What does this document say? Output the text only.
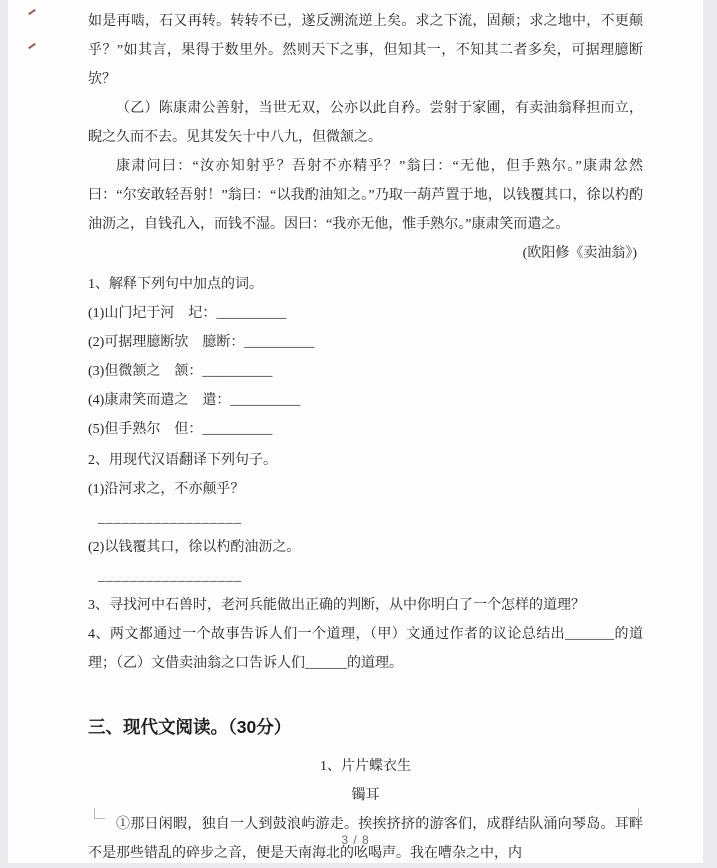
如是再啮，石又再转。转转不已，遂反溯流逆上矣。求之下流，固颠；求之地中，不更颠乎？”如其言，果得于数里外。然则天下之事，但知其一，不知其二者多矣，可据理臆断欤？
（乙）陈康肃公善射，当世无双，公亦以此自矜。尝射于家圃，有卖油翁释担而立，睨之久而不去。见其发矢十中八九，但微颔之。
康肃问曰：“汝亦知射乎？吾射不亦精乎？”翁曰：“无他，但手熟尔。”康肃忿然曰：“尔安敢轻吾射！”翁曰：“以我酌油知之。”乃取一葫芦置于地，以钱覆其口，徐以杓酌油沥之，自钱孔入，而钱不湿。因曰：“我亦无他，惟手熟尔。”康肃笑而遣之。
(欧阳修《卖油翁》)
1、解释下列句中加点的词。
(1)山门圮于河　圮：__________
(2)可据理臆断欤　臆断：__________
(3)但微颔之　颔：__________
(4)康肃笑而遣之　遣：__________
(5)但手熟尔　但：__________
2、用现代汉语翻译下列句子。
(1)沿河求之，不亦颠乎？
__________________
(2)以钱覆其口，徐以杓酌油沥之。
__________________
3、寻找河中石兽时，老河兵能做出正确的判断，从中你明白了一个怎样的道理？
4、两文都通过一个故事告诉人们一个道理，（甲）文通过作者的议论总结出_______的道理；（乙）文借卖油翁之口告诉人们______的道理。
三、现代文阅读。（30分）
1、片片蝶衣生
镯耳
①那日闲暇，独自一人到鼓浪屿游走。挨挨挤挤的游客们，成群结队涌向琴岛。耳畔不是那些错乱的碎步之音，便是天南海北的吆喝声。我在嘈杂之中，内
3 / 8
